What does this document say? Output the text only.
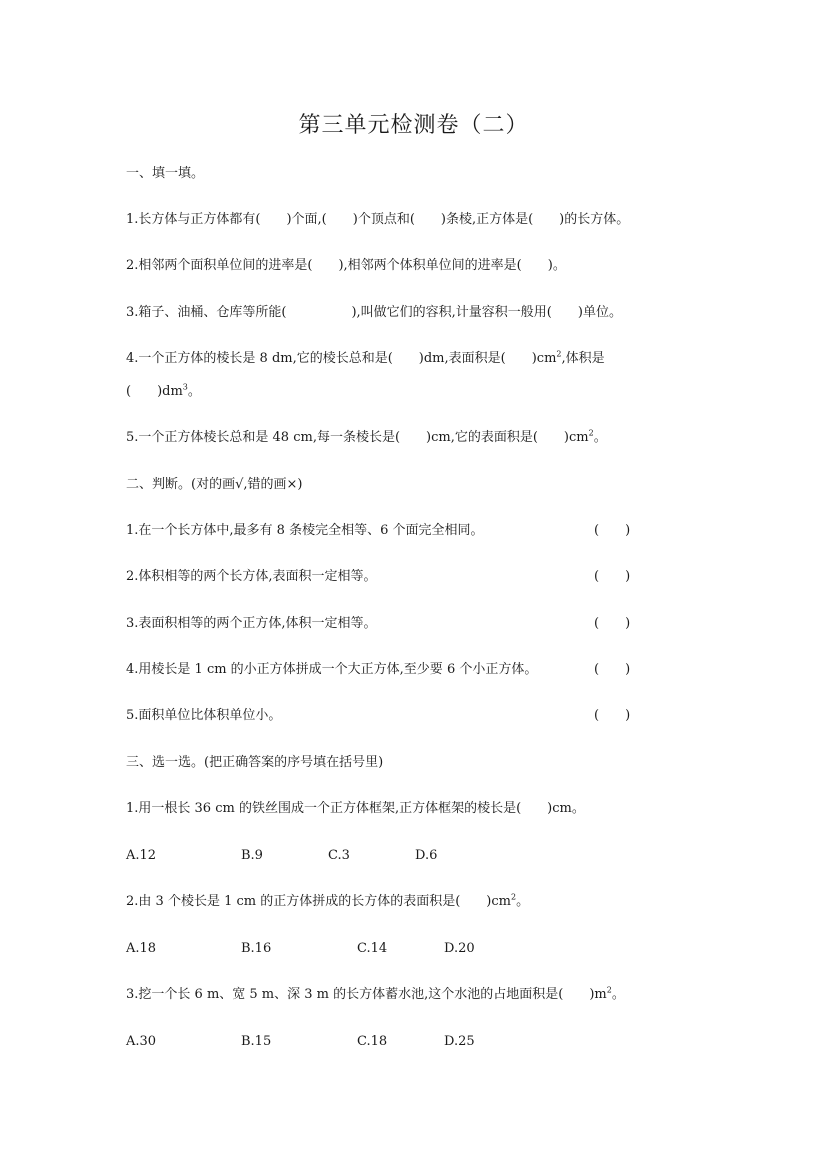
第三单元检测卷（二）
一、填一填。
1.长方体与正方体都有(　　)个面,(　　)个顶点和(　　)条棱,正方体是(　　)的长方体。
2.相邻两个面积单位间的进率是(　　),相邻两个体积单位间的进率是(　　)。
3.箱子、油桶、仓库等所能(　　　　　),叫做它们的容积,计量容积一般用(　　)单位。
4.一个正方体的棱长是 8 dm,它的棱长总和是(　　)dm,表面积是(　　)$cm^2$,体积是
(　　)$dm^3$。
5.一个正方体棱长总和是 48 cm,每一条棱长是(　　)cm,它的表面积是(　　)$cm^2$。
二、判断。(对的画√,错的画×)
1.在一个长方体中,最多有 8 条棱完全相等、6 个面完全相同。	(　　)
2.体积相等的两个长方体,表面积一定相等。	(　　)
3.表面积相等的两个正方体,体积一定相等。	(　　)
4.用棱长是 1 cm 的小正方体拼成一个大正方体,至少要 6 个小正方体。	(　　)
5.面积单位比体积单位小。	(　　)
三、选一选。(把正确答案的序号填在括号里)
1.用一根长 36 cm 的铁丝围成一个正方体框架,正方体框架的棱长是(　　)cm。
A.12	B.9	C.3	D.6
2.由 3 个棱长是 1 cm 的正方体拼成的长方体的表面积是(　　)$cm^2$。
A.18	B.16	C.14	D.20
3.挖一个长 6 m、宽 5 m、深 3 m 的长方体蓄水池,这个水池的占地面积是(　　)$m^2$。
A.30	B.15	C.18	D.25
